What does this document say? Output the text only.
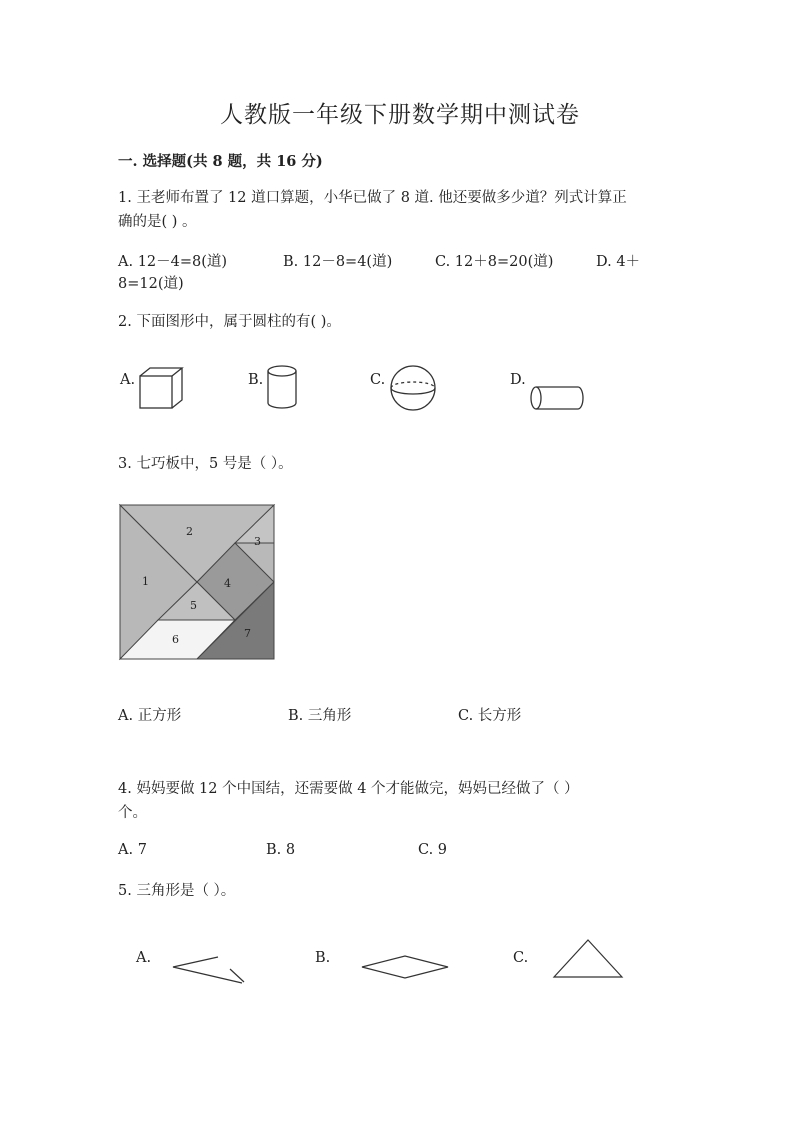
人教版一年级下册数学期中测试卷
一. 选择题(共 8 题，共 16 分)
1. 王老师布置了 12 道口算题，小华已做了 8 道. 他还要做多少道？列式计算正
确的是( ) 。
A. 12－4=8(道)	B. 12－8=4(道)	C. 12＋8=20(道)	D. 4＋
8=12(道)
2. 下面图形中，属于圆柱的有( )。
A.	B.	C.	D.
3. 七巧板中，5 号是（ ）。
1
2
3
4
5
6	7
A. 正方形	B. 三角形	C. 长方形
4. 妈妈要做 12 个中国结，还需要做 4 个才能做完，妈妈已经做了（ ）
个。
A. 7	B. 8	C. 9
5. 三角形是（ ）。
A.	B.	C.
